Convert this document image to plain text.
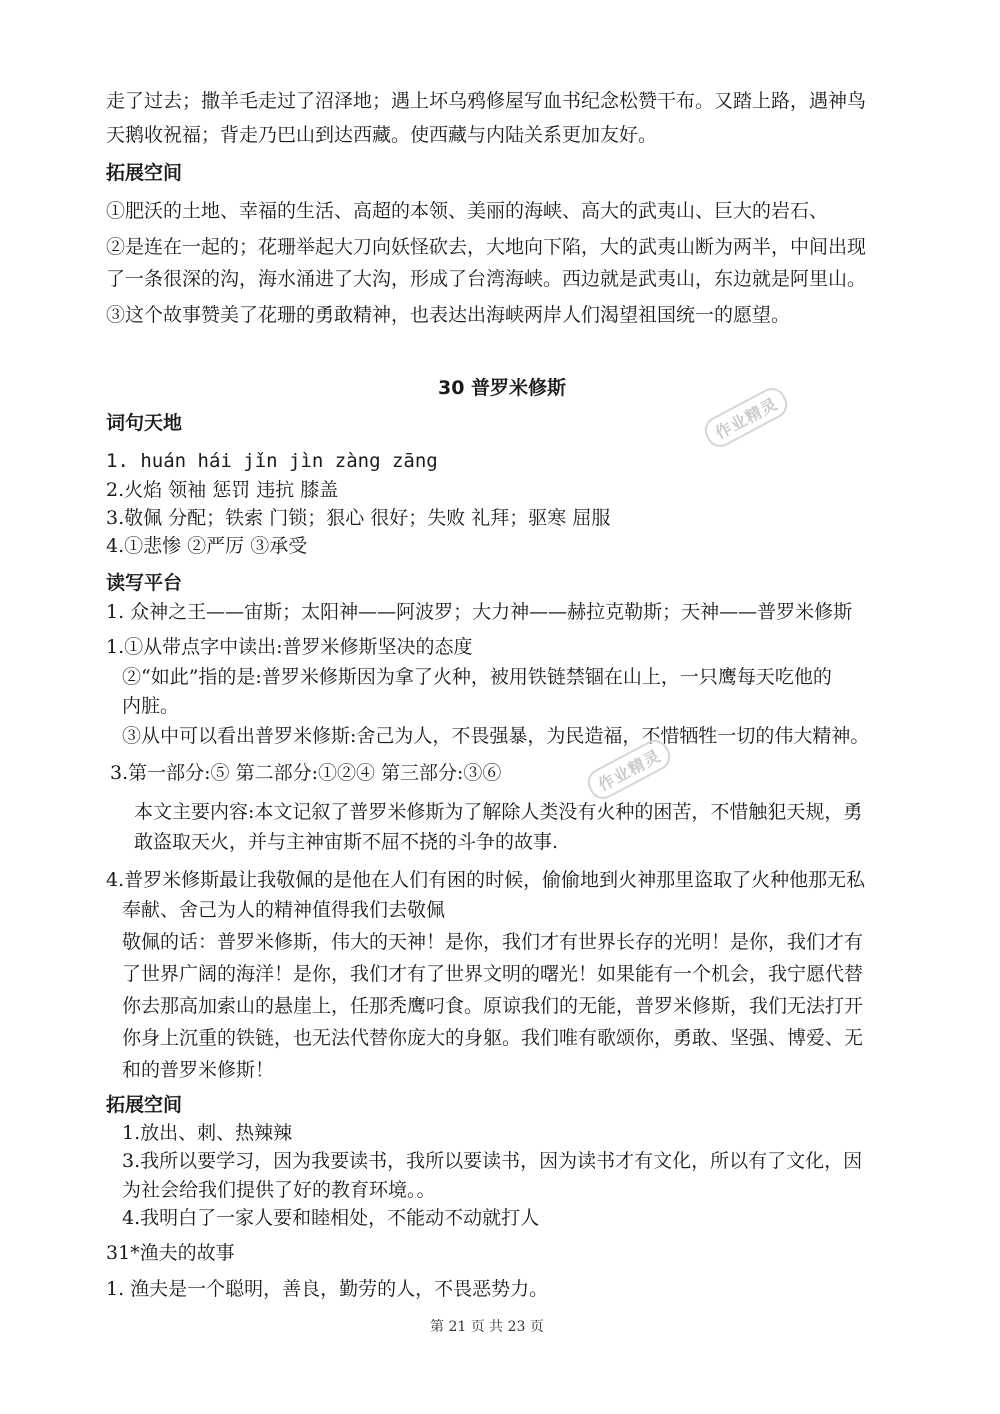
走了过去；撒羊毛走过了沼泽地；遇上坏乌鸦修屋写血书纪念松赞干布。又踏上路，遇神鸟
天鹅收祝福；背走乃巴山到达西藏。使西藏与内陆关系更加友好。
拓展空间
①肥沃的土地、幸福的生活、高超的本领、美丽的海峡、高大的武夷山、巨大的岩石、
②是连在一起的；花珊举起大刀向妖怪砍去，大地向下陷，大的武夷山断为两半，中间出现
了一条很深的沟，海水涌进了大沟，形成了台湾海峡。西边就是武夷山，东边就是阿里山。
③这个故事赞美了花珊的勇敢精神，也表达出海峡两岸人们渴望祖国统一的愿望。
30 普罗米修斯
作业精灵
词句天地
1. huán hái jǐn jìn zàng zāng
2.火焰 领袖 惩罚 违抗 膝盖
3.敬佩 分配；铁索 门锁；狠心 很好；失败 礼拜；驱寒 屈服
4.①悲惨 ②严厉 ③承受
读写平台
1. 众神之王——宙斯；太阳神——阿波罗；大力神——赫拉克勒斯；天神——普罗米修斯
1.①从带点字中读出:普罗米修斯坚决的态度
②“如此”指的是:普罗米修斯因为拿了火种，被用铁链禁锢在山上，一只鹰每天吃他的
内脏。
③从中可以看出普罗米修斯:舍己为人，不畏强暴，为民造福，不惜牺牲一切的伟大精神。
3.第一部分:⑤ 第二部分:①②④ 第三部分:③⑥	作业精灵
本文主要内容:本文记叙了普罗米修斯为了解除人类没有火种的困苦，不惜触犯天规，勇
敢盗取天火，并与主神宙斯不屈不挠的斗争的故事.
4.普罗米修斯最让我敬佩的是他在人们有困的时候，偷偷地到火神那里盗取了火种他那无私
奉献、舍己为人的精神值得我们去敬佩
敬佩的话：普罗米修斯，伟大的天神！是你，我们才有世界长存的光明！是你，我们才有
了世界广阔的海洋！是你，我们才有了世界文明的曙光！如果能有一个机会，我宁愿代替
你去那高加索山的悬崖上，任那秃鹰叼食。原谅我们的无能，普罗米修斯，我们无法打开
你身上沉重的铁链，也无法代替你庞大的身躯。我们唯有歌颂你，勇敢、坚强、博爱、无
和的普罗米修斯！
拓展空间
1.放出、刺、热辣辣
3.我所以要学习，因为我要读书，我所以要读书，因为读书才有文化，所以有了文化，因
为社会给我们提供了好的教育环境。。
4.我明白了一家人要和睦相处，不能动不动就打人
31*渔夫的故事
1. 渔夫是一个聪明，善良，勤劳的人，不畏恶势力。
第 21 页 共 23 页
